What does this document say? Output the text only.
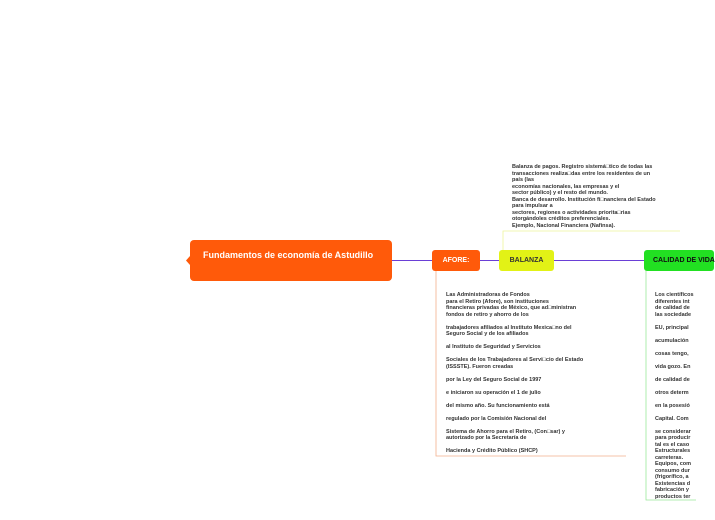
Fundamentos de economía de Astudillo
AFORE:	BALANZA	CALIDAD DE VIDA
Balanza de pagos. Registro sistemá□tico de todas las
transacciones realiza□das entre los residentes de un
país (las
economías nacionales, las empresas y el
sector público) y el resto del mundo.
Banca de desarrollo. Institución fi□nanciera del Estado
para impulsar a
sectores, regiones o actividades priorita□rias
otorgándoles créditos preferenciales.
Ejemplo, Nacional Financiera (Nafinsa).
Las Administradoras de Fondos
para el Retiro (Afore), son instituciones
financieras privadas de México, que ad□ministran
fondos de retiro y ahorro de los
trabajadores afiliados al Instituto Mexica□no del
Seguro Social y de los afiliados
al Instituto de Seguridad y Servicios
Sociales de los Trabajadores al Servi□cio del Estado
(ISSSTE). Fueron creadas
por la Ley del Seguro Social de 1997
e iniciaron su operación el 1 de julio
del mismo año. Su funcionamiento está
regulado por la Comisión Nacional del
Sistema de Ahorro para el Retiro, (Con□sar) y
autorizado por la Secretaría de
Hacienda y Crédito Público (SHCP)
Los científicos
diferentes int
de calidad de
las sociedade
EU, principal
acumulación
cosas tengo,
vida gozo. En
de calidad de
otros determ
en la posesió
Capital. Com
se considerar
para producir
tal es el caso
Estructurales
carreteras.
Equipos, com
consumo dur
(frigorífico, a
Existencias d
fabricación y
productos ter
